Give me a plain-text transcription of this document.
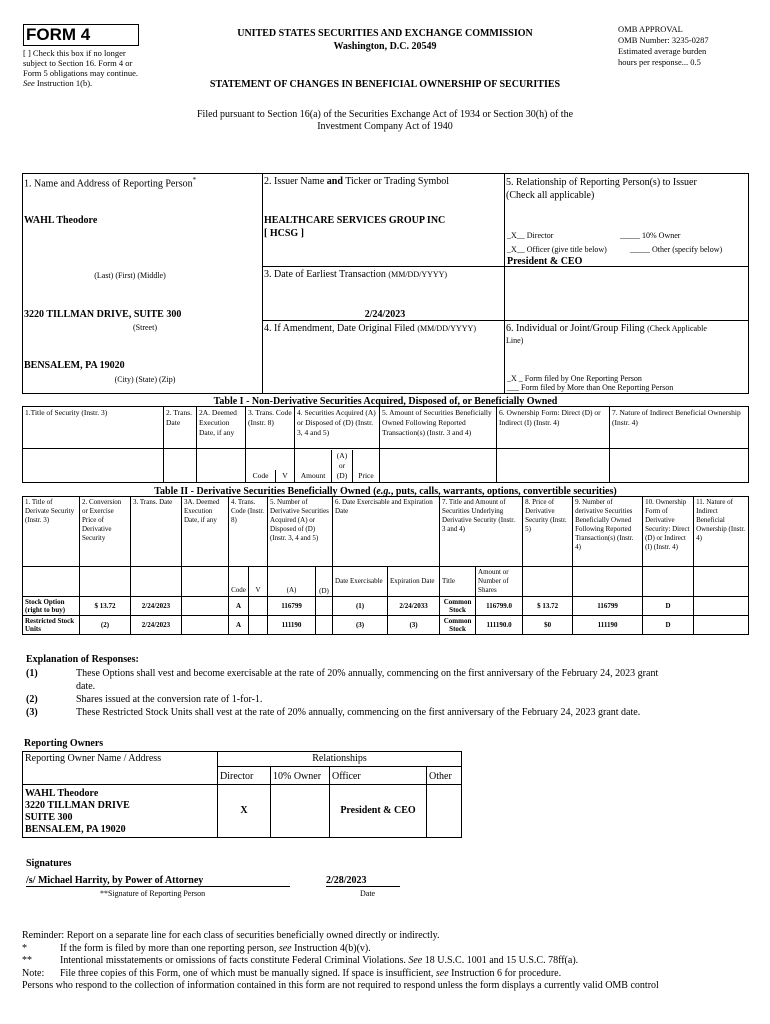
FORM 4
[ ] Check this box if no longer subject to Section 16. Form 4 or Form 5 obligations may continue. See Instruction 1(b).
UNITED STATES SECURITIES AND EXCHANGE COMMISSION
Washington, D.C. 20549
STATEMENT OF CHANGES IN BENEFICIAL OWNERSHIP OF SECURITIES
OMB APPROVAL
OMB Number: 3235-0287
Estimated average burden
hours per response... 0.5
Filed pursuant to Section 16(a) of the Securities Exchange Act of 1934 or Section 30(h) of the
Investment Company Act of 1940
1. Name and Address of Reporting Person*
WAHL Theodore
(Last) (First) (Middle)
3220 TILLMAN DRIVE, SUITE 300
(Street)
BENSALEM, PA 19020
(City) (State) (Zip)
2. Issuer Name and Ticker or Trading Symbol
HEALTHCARE SERVICES GROUP INC
[ HCSG ]
3. Date of Earliest Transaction (MM/DD/YYYY)
2/24/2023
4. If Amendment, Date Original Filed (MM/DD/YYYY)
5. Relationship of Reporting Person(s) to Issuer
(Check all applicable)
_X__ Director	_____ 10% Owner
_X__ Officer (give title below)	_____ Other (specify below)
President & CEO
6. Individual or Joint/Group Filing (Check Applicable
Line)
_X _ Form filed by One Reporting Person
___ Form filed by More than One Reporting Person
Table I - Non-Derivative Securities Acquired, Disposed of, or Beneficially Owned
1.Title of Security (Instr. 3)	2. Trans. Date	2A. Deemed Execution Date, if any	3. Trans. Code (Instr. 8)	4. Securities Acquired (A) or Disposed of (D) (Instr. 3, 4 and 5)	5. Amount of Securities Beneficially Owned Following Reported Transaction(s) (Instr. 3 and 4)	6. Ownership Form: Direct (D) or Indirect (I) (Instr. 4)	7. Nature of Indirect Beneficial Ownership (Instr. 4)

Code	V
	Amount	(A) or (D)	Price

Table II - Derivative Securities Beneficially Owned (e.g., puts, calls, warrants, options, convertible securities)
1. Title of Derivate Security (Instr. 3)	2. Conversion or Exercise Price of Derivative Security	3. Trans. Date	3A. Deemed Execution Date, if any	4. Trans. Code (Instr. 8)		5. Number of Derivative Securities Acquired (A) or Disposed of (D) (Instr. 3, 4 and 5)		6. Date Exercisable and Expiration Date		7. Title and Amount of Securities Underlying Derivative Security (Instr. 3 and 4)		8. Price of Derivative Security (Instr. 5)	9. Number of derivative Securities Beneficially Owned Following Reported Transaction(s) (Instr. 4)	10. Ownership Form of Derivative Security: Direct (D) or Indirect (I) (Instr. 4)	11. Nature of Indirect Beneficial Ownership (Instr. 4)
				Code	V	(A)	(D)	Date Exercisable	Expiration Date	Title	Amount or Number of Shares				
Stock Option (right to buy)	$ 13.72	2/24/2023		A		116799		(1)	2/24/2033	Common Stock	116799.0	$ 13.72	116799	D	
Restricted Stock Units	(2)	2/24/2023		A		111190		(3)	(3)	Common Stock	111190.0	$0	111190	D	
Explanation of Responses:
(1)	These Options shall vest and become exercisable at the rate of 20% annually, commencing on the first anniversary of the February 24, 2023 grant
date.
(2)	Shares issued at the conversion rate of 1-for-1.
(3)	These Restricted Stock Units shall vest at the rate of 20% annually, commencing on the first anniversary of the February 24, 2023 grant date.
Reporting Owners
Reporting Owner Name / Address	Relationships			
	Director	10% Owner	Officer	Other

WAHL Theodore
3220 TILLMAN DRIVE
SUITE 300
BENSALEM, PA 19020	X		President & CEO	
Signatures
/s/ Michael Harrity, by Power of Attorney	2/28/2023
**Signature of Reporting Person	Date
Reminder: Report on a separate line for each class of securities beneficially owned directly or indirectly.
*	If the form is filed by more than one reporting person, see Instruction 4(b)(v).
**	Intentional misstatements or omissions of facts constitute Federal Criminal Violations. See 18 U.S.C. 1001 and 15 U.S.C. 78ff(a).
Note:	File three copies of this Form, one of which must be manually signed. If space is insufficient, see Instruction 6 for procedure.
Persons who respond to the collection of information contained in this form are not required to respond unless the form displays a currently valid OMB control
